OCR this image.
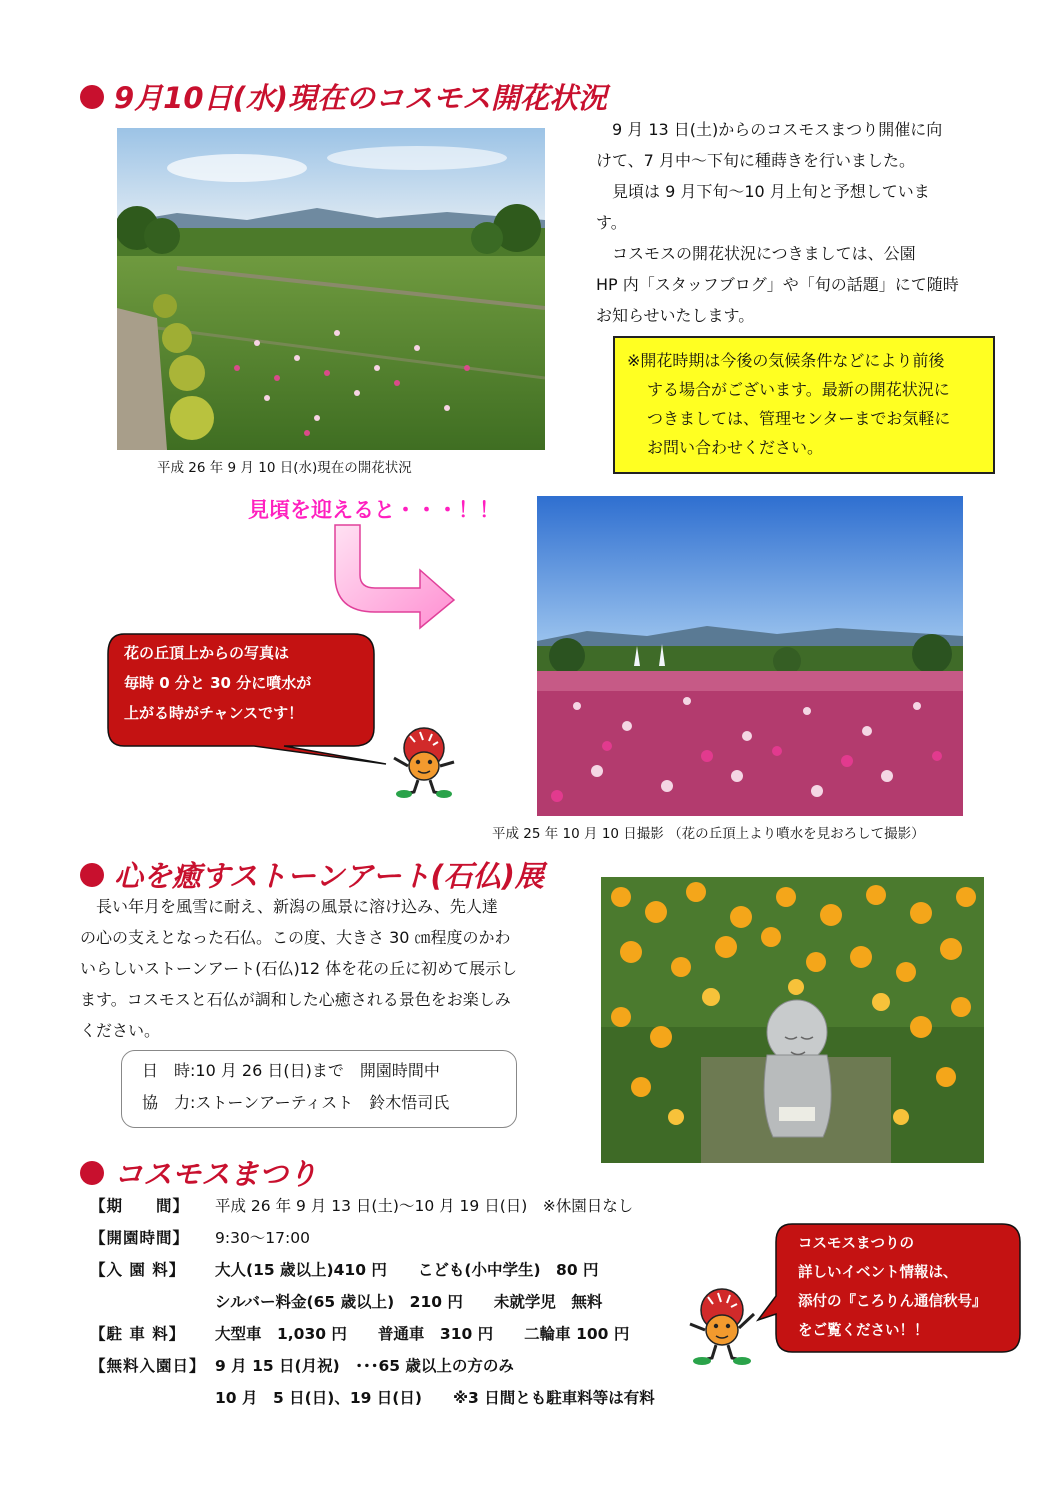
9月10日(水)現在のコスモス開花状況
平成 26 年 9 月 10 日(水)現在の開花状況
　9 月 13 日(土)からのコスモスまつり開催に向
けて、7 月中～下旬に種蒔きを行いました。
　見頃は 9 月下旬～10 月上旬と予想していま
す。
　コスモスの開花状況につきましては、公園
HP 内「スタッフブログ」や「旬の話題」にて随時
お知らせいたします。
※開花時期は今後の気候条件などにより前後
する場合がございます。最新の開花状況に
つきましては、管理センターまでお気軽に
お問い合わせください。
見頃を迎えると・・・！！
平成 25 年 10 月 10 日撮影 （花の丘頂上より噴水を見おろして撮影）
花の丘頂上からの写真は
毎時 0 分と 30 分に噴水が
上がる時がチャンスです！
心を癒すストーンアート(石仏)展
　長い年月を風雪に耐え、新潟の風景に溶け込み、先人達
の心の支えとなった石仏。この度、大きさ 30 ㎝程度のかわ
いらしいストーンアート(石仏)12 体を花の丘に初めて展示し
ます。コスモスと石仏が調和した心癒される景色をお楽しみ
ください。
日　時:10 月 26 日(日)まで　開園時間中
協　力:ストーンアーティスト　鈴木悟司氏
コスモスまつり
【期　　間】	平成 26 年 9 月 13 日(土)～10 月 19 日(日)　※休園日なし
【開園時間】	9:30～17:00
【入 園 料】	大人(15 歳以上)410 円　　こども(小中学生)　80 円
シルバー料金(65 歳以上)　210 円　　未就学児　無料
【駐 車 料】	大型車　1,030 円　　普通車　310 円　　二輪車 100 円
【無料入園日】 9 月 15 日(月祝)　･･･65 歳以上の方のみ
10 月　5 日(日)、19 日(日)　　※3 日間とも駐車料等は有料
コスモスまつりの
詳しいイベント情報は、
添付の『ころりん通信秋号』
をご覧ください！！
